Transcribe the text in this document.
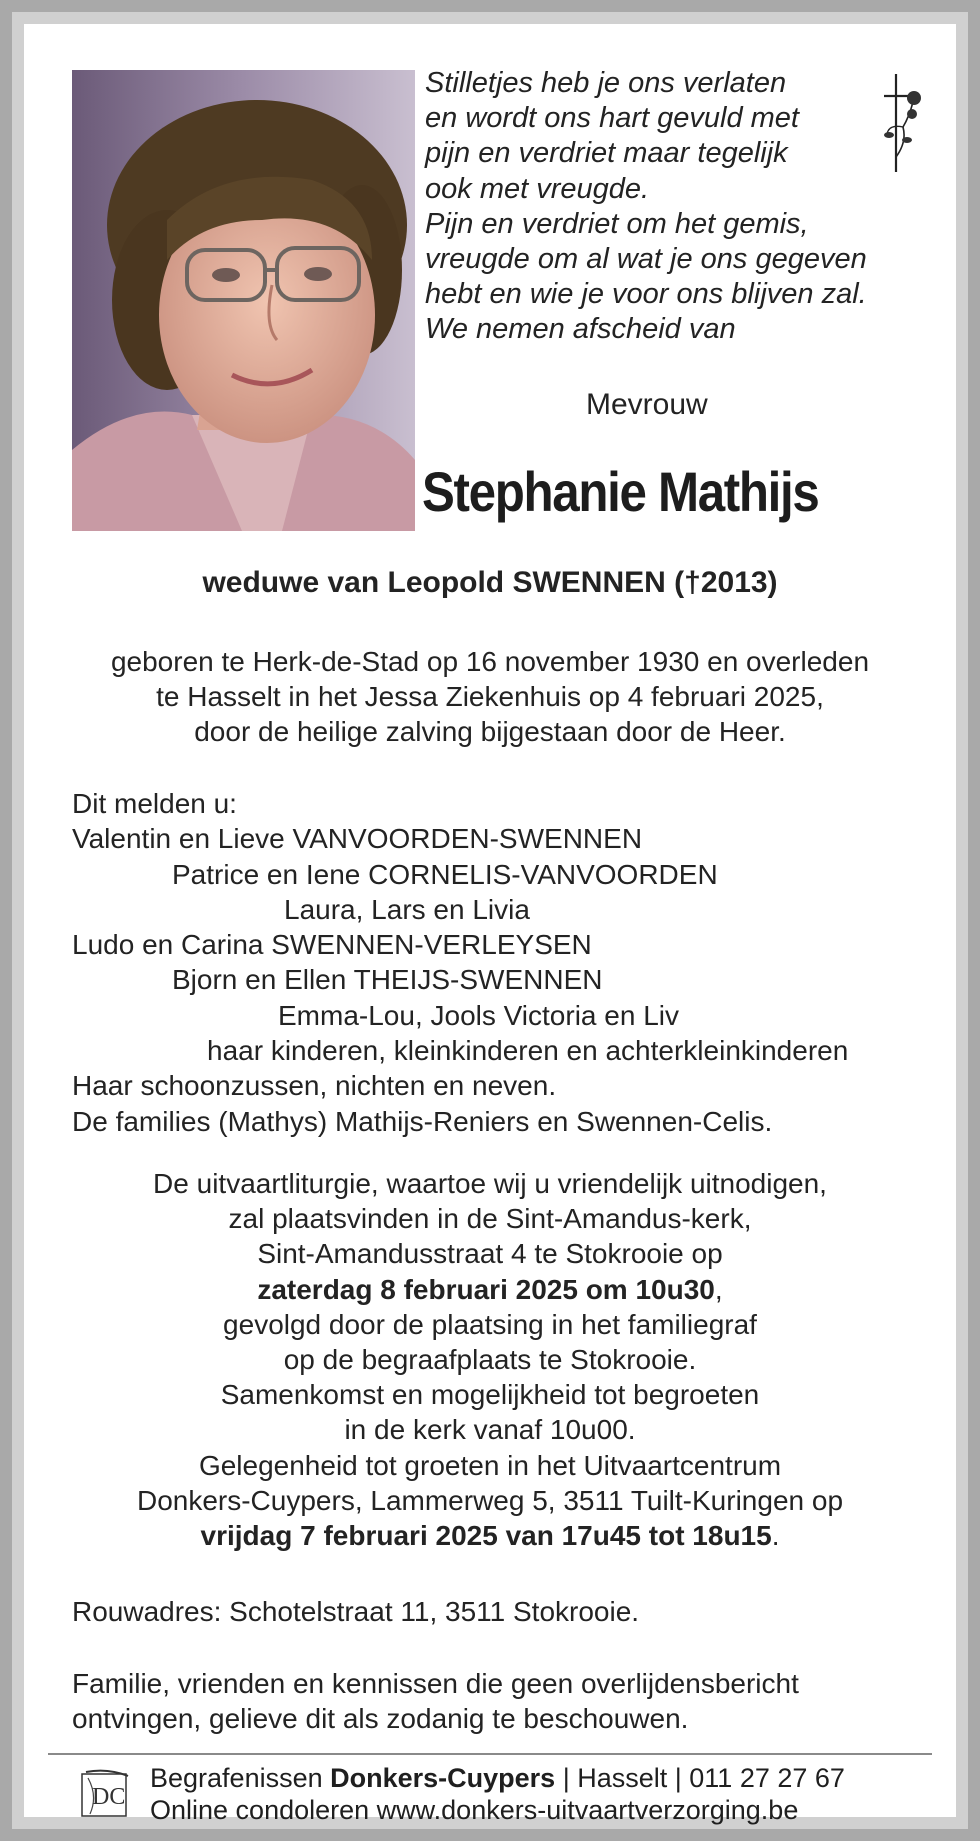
Stilletjes heb je ons verlaten
en wordt ons hart gevuld met
pijn en verdriet maar tegelijk
ook met vreugde.
Pijn en verdriet om het gemis,
vreugde om al wat je ons gegeven
hebt en wie je voor ons blijven zal.
We nemen afscheid van
Mevrouw
Stephanie Mathijs
weduwe van Leopold SWENNEN (†2013)
geboren te Herk-de-Stad op 16 november 1930 en overleden
te Hasselt in het Jessa Ziekenhuis op 4 februari 2025,
door de heilige zalving bijgestaan door de Heer.
Dit melden u:
Valentin en Lieve VANVOORDEN-SWENNEN
Patrice en Iene CORNELIS-VANVOORDEN
Laura, Lars en Livia
Ludo en Carina SWENNEN-VERLEYSEN
Bjorn en Ellen THEIJS-SWENNEN
Emma-Lou, Jools Victoria en Liv
haar kinderen, kleinkinderen en achterkleinkinderen
Haar schoonzussen, nichten en neven.
De families (Mathys) Mathijs-Reniers en Swennen-Celis.
De uitvaartliturgie, waartoe wij u vriendelijk uitnodigen,
zal plaatsvinden in de Sint-Amandus-kerk,
Sint-Amandusstraat 4 te Stokrooie op
zaterdag 8 februari 2025 om 10u30,
gevolgd door de plaatsing in het familiegraf
op de begraafplaats te Stokrooie.
Samenkomst en mogelijkheid tot begroeten
in de kerk vanaf 10u00.
Gelegenheid tot groeten in het Uitvaartcentrum
Donkers-Cuypers, Lammerweg 5, 3511 Tuilt-Kuringen op
vrijdag 7 februari 2025 van 17u45 tot 18u15.
Rouwadres: Schotelstraat 11, 3511 Stokrooie.
Familie, vrienden en kennissen die geen overlijdensbericht
ontvingen, gelieve dit als zodanig te beschouwen.
DC
Begrafenissen Donkers-Cuypers | Hasselt | 011 27 27 67
Online condoleren www.donkers-uitvaartverzorging.be
